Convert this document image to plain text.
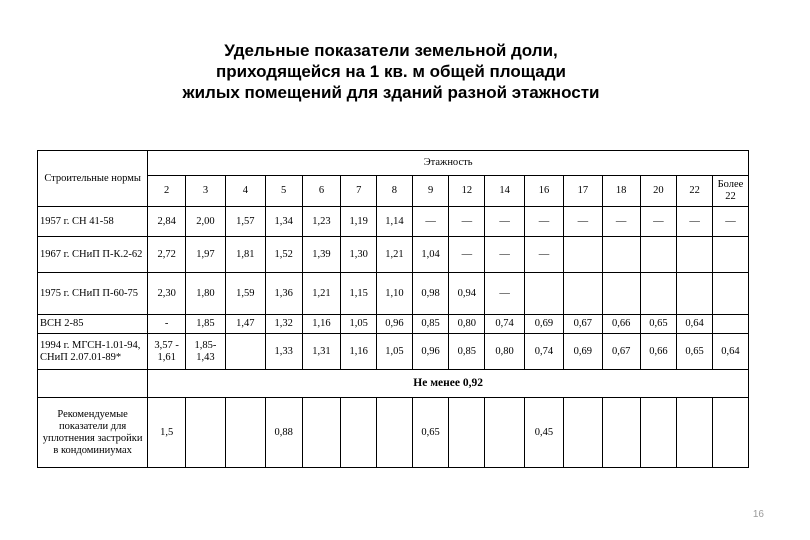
Удельные показатели земельной доли,
приходящейся на 1 кв. м общей площади
жилых помещений для зданий разной этажности
Строительные нормы	Этажность															
	2	3	4	5	6	7	8	9	12	14	16	17	18	20	22	Более 22
1957 г. СН 41-58	2,84	2,00	1,57	1,34	1,23	1,19	1,14	—	—	—	—	—	—	—	—	—
1967 г. СНиП П-К.2-62	2,72	1,97	1,81	1,52	1,39	1,30	1,21	1,04	—	—	—					
1975 г. СНиП П-60-75	2,30	1,80	1,59	1,36	1,21	1,15	1,10	0,98	0,94	—						
ВСН 2-85	-	1,85	1,47	1,32	1,16	1,05	0,96	0,85	0,80	0,74	0,69	0,67	0,66	0,65	0,64	
1994 г. МГСН-1.01-94, СНиП 2.07.01-89*	3,57 - 1,61	1,85-1,43		1,33	1,31	1,16	1,05	0,96	0,85	0,80	0,74	0,69	0,67	0,66	0,65	0,64
	Не менее 0,92															
Рекомендуемые показатели для уплотнения застройки в кондоминиумах	1,5			0,88				0,65			0,45					
16
